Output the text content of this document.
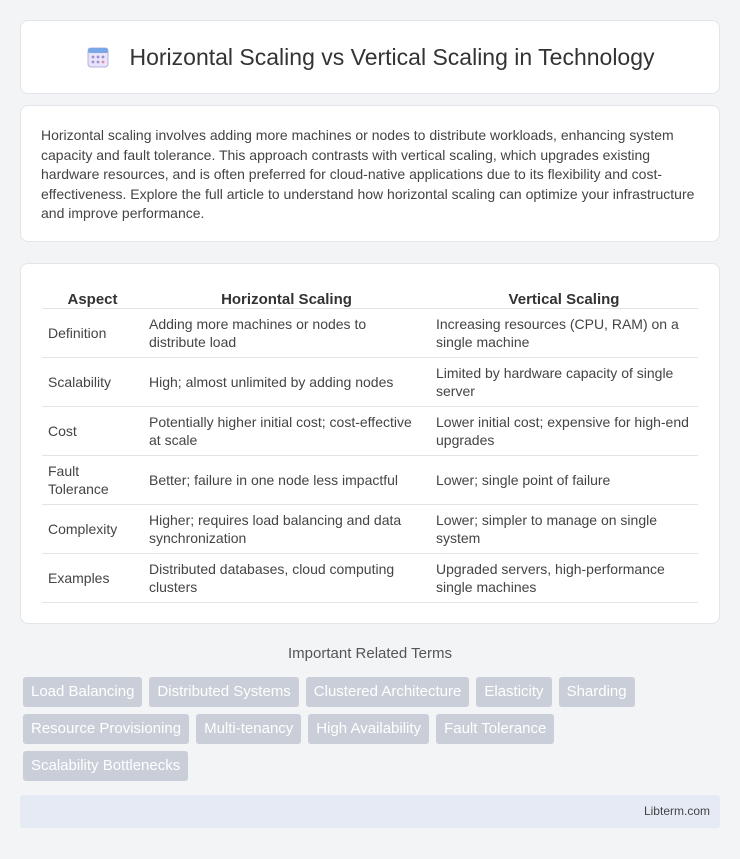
Horizontal Scaling vs Vertical Scaling in Technology

Horizontal scaling involves adding more machines or nodes to distribute workloads, enhancing system capacity and fault tolerance. This approach contrasts with vertical scaling, which upgrades existing hardware resources, and is often preferred for cloud-native applications due to its flexibility and cost-effectiveness. Explore the full article to understand how horizontal scaling can optimize your infrastructure and improve performance.

Aspect	Horizontal Scaling	Vertical Scaling
Definition	Adding more machines or nodes to distribute load	Increasing resources (CPU, RAM) on a single machine
Scalability	High; almost unlimited by adding nodes	Limited by hardware capacity of single server
Cost	Potentially higher initial cost; cost-effective at scale	Lower initial cost; expensive for high-end upgrades
Fault Tolerance	Better; failure in one node less impactful	Lower; single point of failure
Complexity	Higher; requires load balancing and data synchronization	Lower; simpler to manage on single system
Examples	Distributed databases, cloud computing clusters	Upgraded servers, high-performance single machines
Important Related Terms
Load Balancing	Distributed Systems	Clustered Architecture	Elasticity	Sharding
Resource Provisioning	Multi-tenancy	High Availability	Fault Tolerance
Scalability Bottlenecks
Libterm.com
